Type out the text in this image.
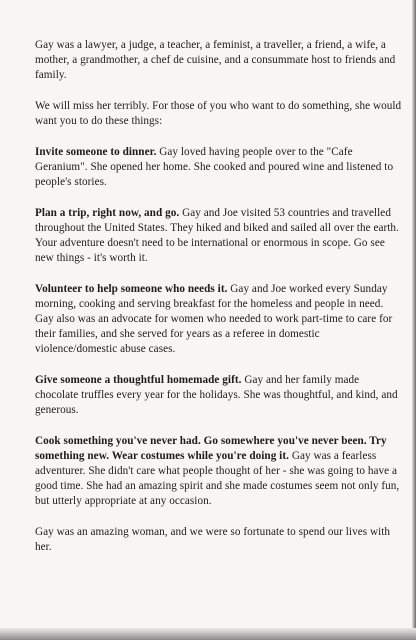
Gay was a lawyer, a judge, a teacher, a feminist, a traveller, a friend, a wife, a mother, a grandmother, a chef de cuisine, and a consummate host to friends and family.

We will miss her terribly. For those of you who want to do something, she would want you to do these things:

Invite someone to dinner. Gay loved having people over to the "Cafe Geranium". She opened her home. She cooked and poured wine and listened to people's stories.

Plan a trip, right now, and go. Gay and Joe visited 53 countries and travelled throughout the United States. They hiked and biked and sailed all over the earth. Your adventure doesn't need to be international or enormous in scope. Go see new things - it's worth it.

Volunteer to help someone who needs it. Gay and Joe worked every Sunday morning, cooking and serving breakfast for the homeless and people in need. Gay also was an advocate for women who needed to work part-time to care for their families, and she served for years as a referee in domestic violence/domestic abuse cases.

Give someone a thoughtful homemade gift. Gay and her family made chocolate truffles every year for the holidays. She was thoughtful, and kind, and generous.

Cook something you've never had. Go somewhere you've never been. Try something new. Wear costumes while you're doing it. Gay was a fearless adventurer. She didn't care what people thought of her - she was going to have a good time. She had an amazing spirit and she made costumes seem not only fun, but utterly appropriate at any occasion.

Gay was an amazing woman, and we were so fortunate to spend our lives with her.
